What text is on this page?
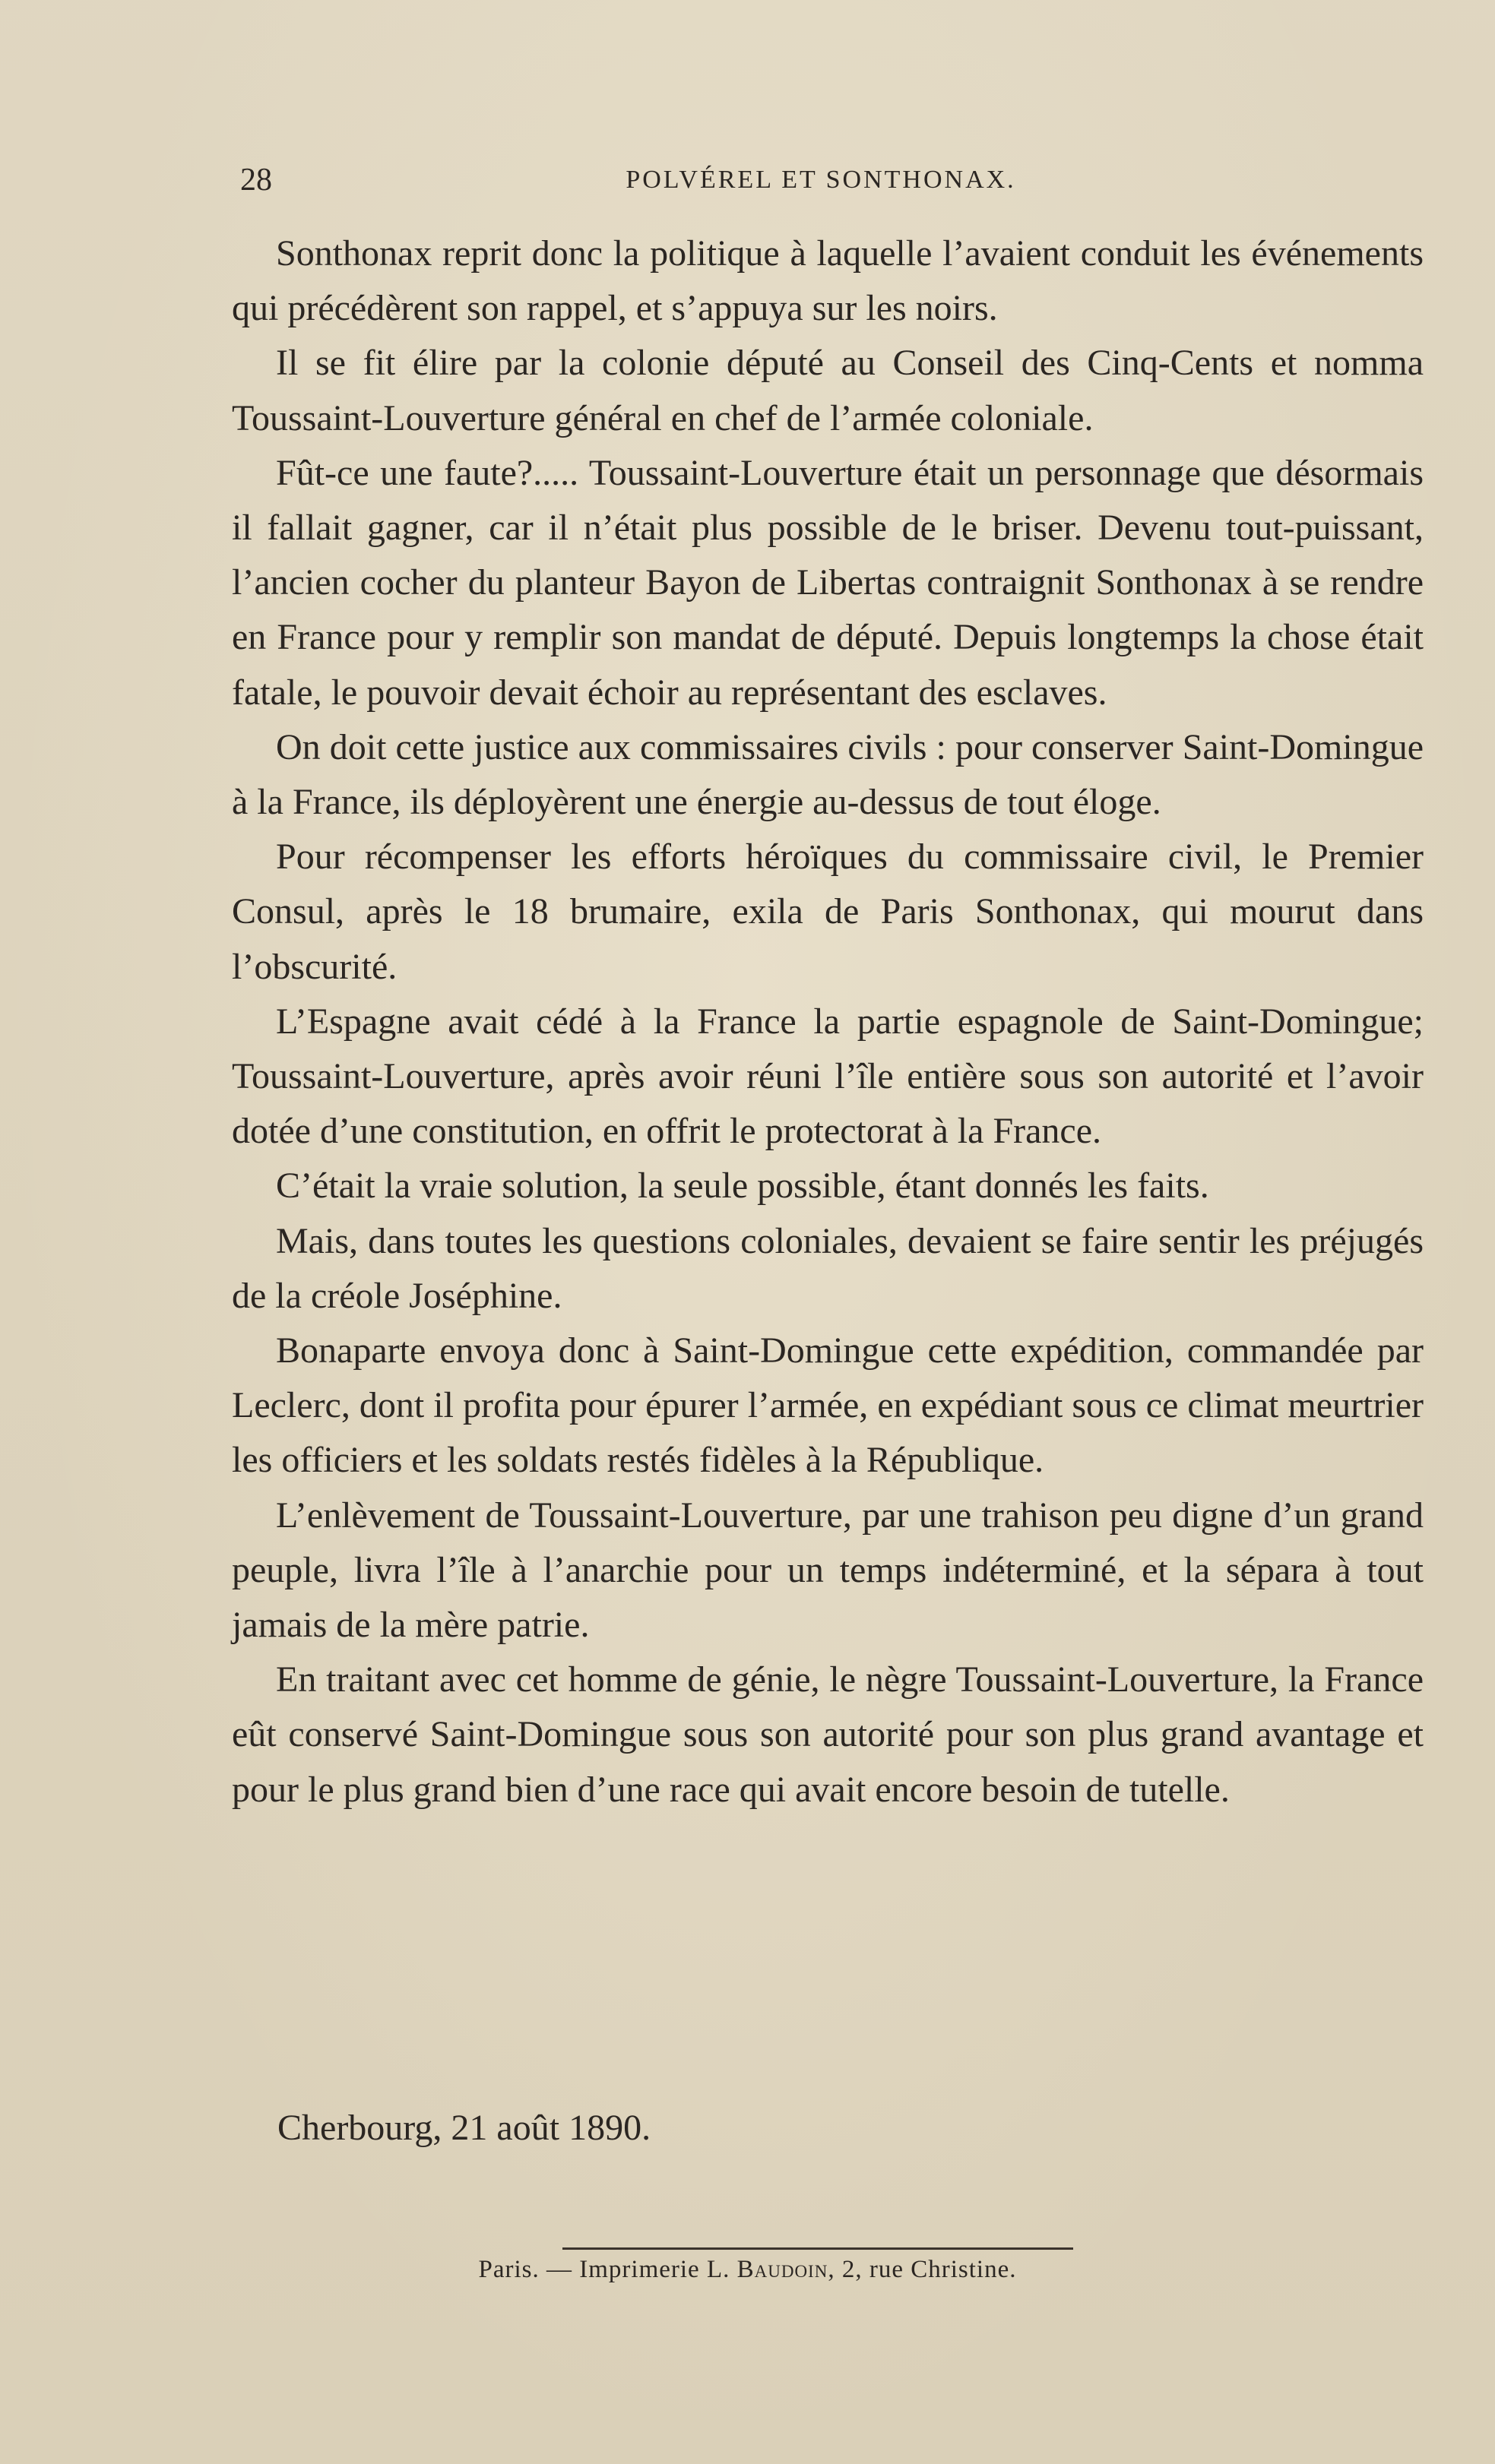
28	POLVÉREL ET SONTHONAX.

Sonthonax reprit donc la politique à laquelle l’avaient conduit les événements qui précédèrent son rappel, et s’appuya sur les noirs.

Il se fit élire par la colonie député au Conseil des Cinq-Cents et nomma Toussaint-Louverture général en chef de l’armée coloniale.

Fût-ce une faute?..... Toussaint-Louverture était un personnage que désormais il fallait gagner, car il n’était plus possible de le briser. Devenu tout-puissant, l’ancien cocher du planteur Bayon de Libertas contraignit Sonthonax à se rendre en France pour y remplir son mandat de député. Depuis longtemps la chose était fatale, le pouvoir devait échoir au représentant des esclaves.

On doit cette justice aux commissaires civils : pour conserver Saint-Domingue à la France, ils déployèrent une énergie au-dessus de tout éloge.

Pour récompenser les efforts héroïques du commissaire civil, le Premier Consul, après le 18 brumaire, exila de Paris Sonthonax, qui mourut dans l’obscurité.

L’Espagne avait cédé à la France la partie espagnole de Saint-Domingue; Toussaint-Louverture, après avoir réuni l’île entière sous son autorité et l’avoir dotée d’une constitution, en offrit le protectorat à la France.

C’était la vraie solution, la seule possible, étant donnés les faits.

Mais, dans toutes les questions coloniales, devaient se faire sentir les préjugés de la créole Joséphine.

Bonaparte envoya donc à Saint-Domingue cette expédition, commandée par Leclerc, dont il profita pour épurer l’armée, en expédiant sous ce climat meurtrier les officiers et les soldats restés fidèles à la République.

L’enlèvement de Toussaint-Louverture, par une trahison peu digne d’un grand peuple, livra l’île à l’anarchie pour un temps indéterminé, et la sépara à tout jamais de la mère patrie.

En traitant avec cet homme de génie, le nègre Toussaint-Louverture, la France eût conservé Saint-Domingue sous son autorité pour son plus grand avantage et pour le plus grand bien d’une race qui avait encore besoin de tutelle.

Cherbourg, 21 août 1890.
Paris. — Imprimerie L. Baudoin, 2, rue Christine.
